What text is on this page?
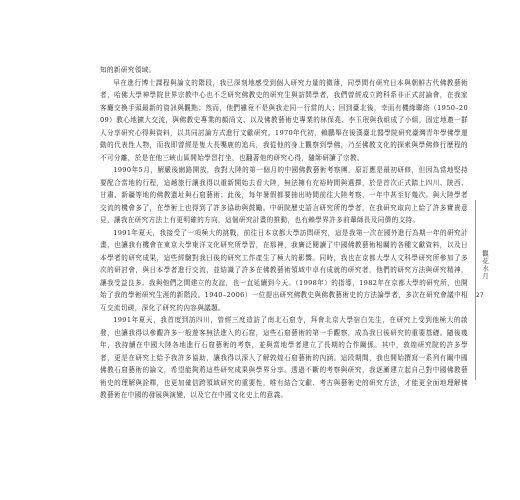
知的新研究領域。

早在進行博士課程與論文的階段，我已深刻地感受到個人研究力量的微薄，同學間有研究日本與朝鮮古代佛教藝術者，哈佛大學神學院世界宗教中心也不乏研究佛教史的研究生與訪問學者，我們曾經成立跨科系非正式討論會，在我家客廳交換手頭最新的資訊與觀點；然而，他們雖竟不是與我走同一行當的人；回到臺北後，幸而有機緣聯絡（1950–2009）教心地擴大交流，與佛教史專業的顏尚文、以及佛教藝術史專業的林保堯、李玉珉與我組成了小組，固定地邀一群人分享研究心得與資料，以共同討論方式進行文獻研究。1970年代初，賴鵬舉在後漢臺北醫學院研究臺灣青年學佛學運動的代表性人物，而我即曾經是隻大長嘴鹿的追兵，我從他的身上觀察到學佛，乃至佛教文化的探索與學佛修行歷程的不可分離，於是在他三峽山區開始學習打坐，也翻著他的研究心得，隨師研讀了宗教。

1990年5月，解嚴後網路開放，我對大陸的第一個月的中國佛教藝術考察團，原訂應是最初研修，但因為當地堅持要配合當地的行程，這趟旅行讓我得以重新開始去看大陸，無法擁有充裕時間與選擇，於是首次正式踏上四川、陝西、甘肅、新疆等地的佛教遺址與石窟藝術；此後，每年暑假都要抽出時間前往大陸考察，一年中甚至好幾次。與大陸學者交流的機會多了，在學術上也得到了許多協助與鼓勵。中研院歷史語言研究所的學者，在我研究取向上給了許多寶貴意見，讓我在研究方法上有更明確的方向，這個研究計畫的推動，也有賴學界許多前輩師長及同儕的支持。

1991年夏天，我接受了一項極大的挑戰，前往日本京都大學訪問研究，這是我第一次在國外進行為期一年的研究計畫，也讓我有機會在東京大學東洋文化研究所學習，在那裡，我廣泛閱讀了中國佛教藝術相關的各種文獻資料，以及日本學者的研究成果，這些經驗對我日後的研究工作產生了極大的影響。同時，我也在京都大學人文科學研究所參加了多次的研討會，與日本學者進行交流，並結識了許多在佛教藝術領域中卓有成就的研究者，他們的研究方法與研究精神，讓我受益良多。我與他們之間建立的友誼，也一直延續到今天。（1998年）的指導，1982年在京都大學的研究所，也開始了我的學術研究生涯的新階段。1940–2006）一位提出研究佛教史與佛教藝術史的方法論學者，多次在研究會議中相互交流切磋，深化了研究的內容與議題。

1991年夏天，我首度到訪四川，曾經三度造訪了南北石窟寺，拜會北京大學宿白先生，在研究上受到他極大的啟發，也讓我得以參觀許多一般遊客無法進入的石窟，這些石窟藝術的第一手觀察，成為我日後研究的重要基礎。隨後幾年，我持續在中國大陸各地進行石窟藝術的考察，並與當地學者建立了長期的合作關係。其中，敦煌研究院的許多學者，更是在研究上給予我許多協助，讓我得以深入了解敦煌石窟藝術的內涵。這段期間，我也開始撰寫一系列有關中國佛教石窟藝術的論文，希望能夠將這些研究成果與學界分享。透過不斷的考察與研究，我逐漸建立起自己對中國佛教藝術史的理解與詮釋，也更加確信跨領域研究的重要性，唯有結合文獻、考古與藝術史的研究方法，才能更全面地理解佛教藝術在中國的發展與演變，以及它在中國文化史上的意義。

觀花水月
27
